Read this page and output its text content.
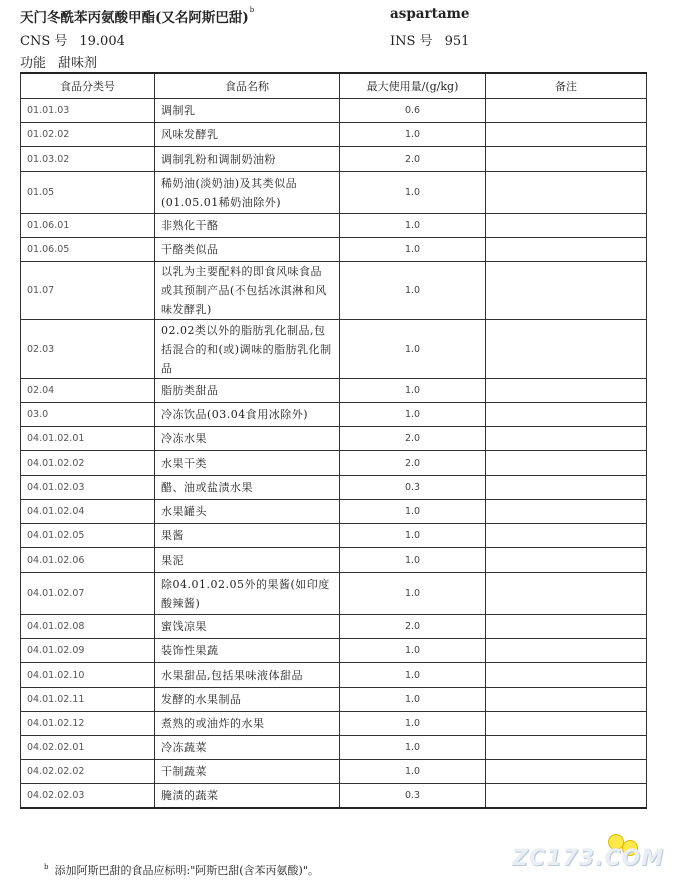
天门冬酰苯丙氨酸甲酯(又名阿斯巴甜)$^b$	aspartame
CNS 号 19.004	INS 号 951
功能 甜味剂
食品分类号	食品名称	最大使用量/(g/kg)	备注
01.01.03	调制乳	0.6	
01.02.02	风味发酵乳	1.0	
01.03.02	调制乳粉和调制奶油粉	2.0	
01.05	稀奶油(淡奶油)及其类似品(01.05.01稀奶油除外)	1.0	
01.06.01	非熟化干酪	1.0	
01.06.05	干酪类似品	1.0	
01.07	以乳为主要配料的即食风味食品或其预制产品(不包括冰淇淋和风味发酵乳)	1.0	
02.03	02.02类以外的脂肪乳化制品,包括混合的和(或)调味的脂肪乳化制品	1.0	
02.04	脂肪类甜品	1.0	
03.0	冷冻饮品(03.04食用冰除外)	1.0	
04.01.02.01	冷冻水果	2.0	
04.01.02.02	水果干类	2.0	
04.01.02.03	醋、油或盐渍水果	0.3	
04.01.02.04	水果罐头	1.0	
04.01.02.05	果酱	1.0	
04.01.02.06	果泥	1.0	
04.01.02.07	除04.01.02.05外的果酱(如印度酸辣酱)	1.0	
04.01.02.08	蜜饯凉果	2.0	
04.01.02.09	装饰性果蔬	1.0	
04.01.02.10	水果甜品,包括果味液体甜品	1.0	
04.01.02.11	发酵的水果制品	1.0	
04.01.02.12	煮熟的或油炸的水果	1.0	
04.02.02.01	冷冻蔬菜	1.0	
04.02.02.02	干制蔬菜	1.0	
04.02.02.03	腌渍的蔬菜	0.3	
$^b$ 添加阿斯巴甜的食品应标明:"阿斯巴甜(含苯丙氨酸)"。	ZC173.COM
